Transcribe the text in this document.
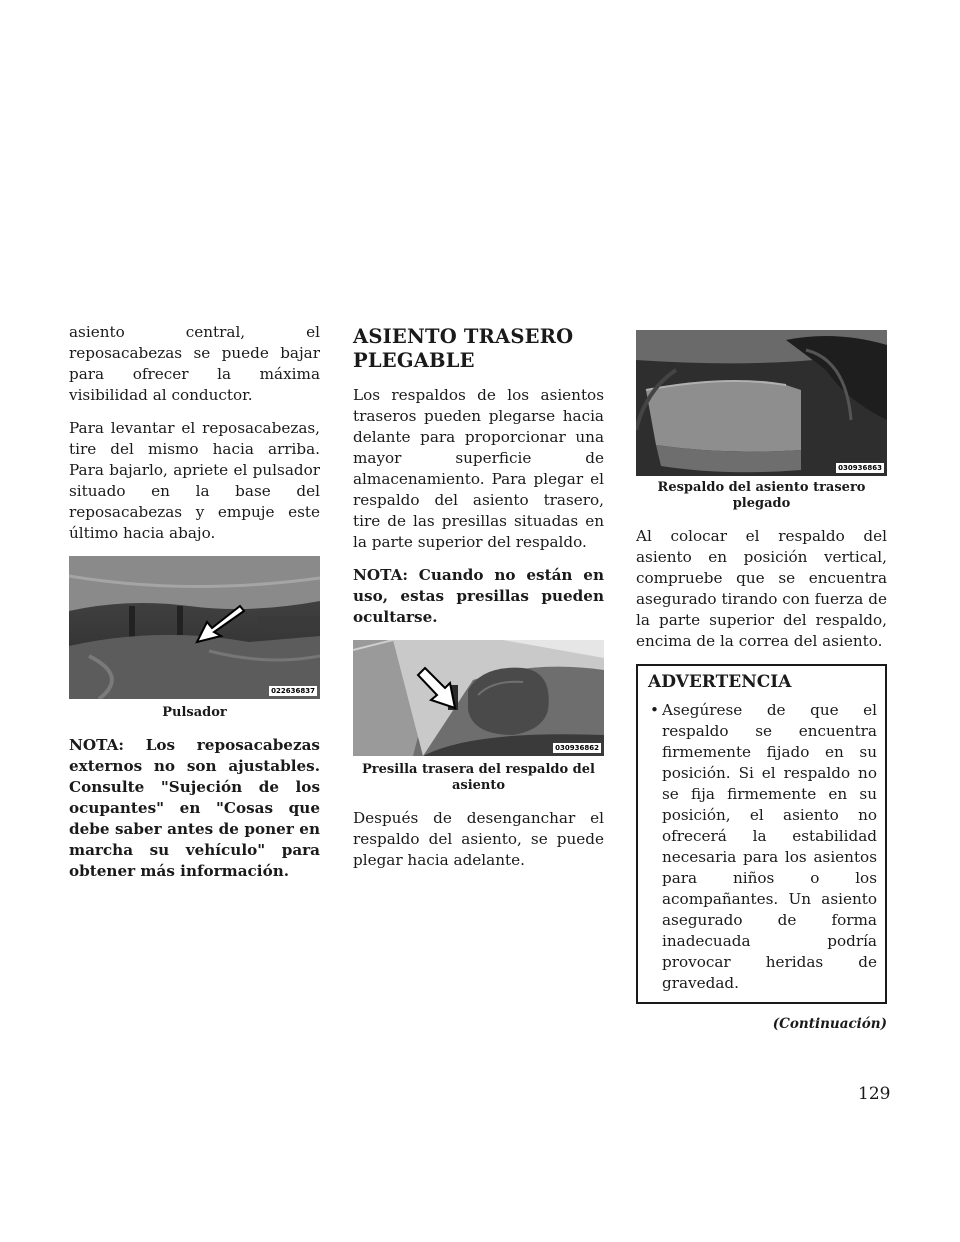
asiento central, el reposacabezas se puede bajar para ofrecer la máxima visibilidad al conductor.

Para levantar el reposacabezas, tire del mismo hacia arriba. Para bajarlo, apriete el pulsador situado en la base del reposacabezas y empuje este último hacia abajo.

022636837
Pulsador

NOTA: Los reposacabezas externos no son ajustables. Consulte "Sujeción de los ocupantes" en "Cosas que debe saber antes de poner en marcha su vehículo" para obtener más información.

ASIENTO TRASERO PLEGABLE

Los respaldos de los asientos traseros pueden plegarse hacia delante para proporcionar una mayor superficie de almacenamiento. Para plegar el respaldo del asiento trasero, tire de las presillas situadas en la parte superior del respaldo.

NOTA: Cuando no están en uso, estas presillas pueden ocultarse.

030936862
Presilla trasera del respaldo del asiento

Después de desenganchar el respaldo del asiento, se puede plegar hacia adelante.

030936863
Respaldo del asiento trasero plegado

Al colocar el respaldo del asiento en posición vertical, compruebe que se encuentra asegurado tirando con fuerza de la parte superior del respaldo, encima de la correa del asiento.

ADVERTENCIA
• Asegúrese de que el respaldo se encuentra firmemente fijado en su posición. Si el respaldo no se fija firmemente en su posición, el asiento no ofrecerá la estabilidad necesaria para los asientos para niños o los acompañantes. Un asiento asegurado de forma inadecuada podría provocar heridas de gravedad.

(Continuación)

129
